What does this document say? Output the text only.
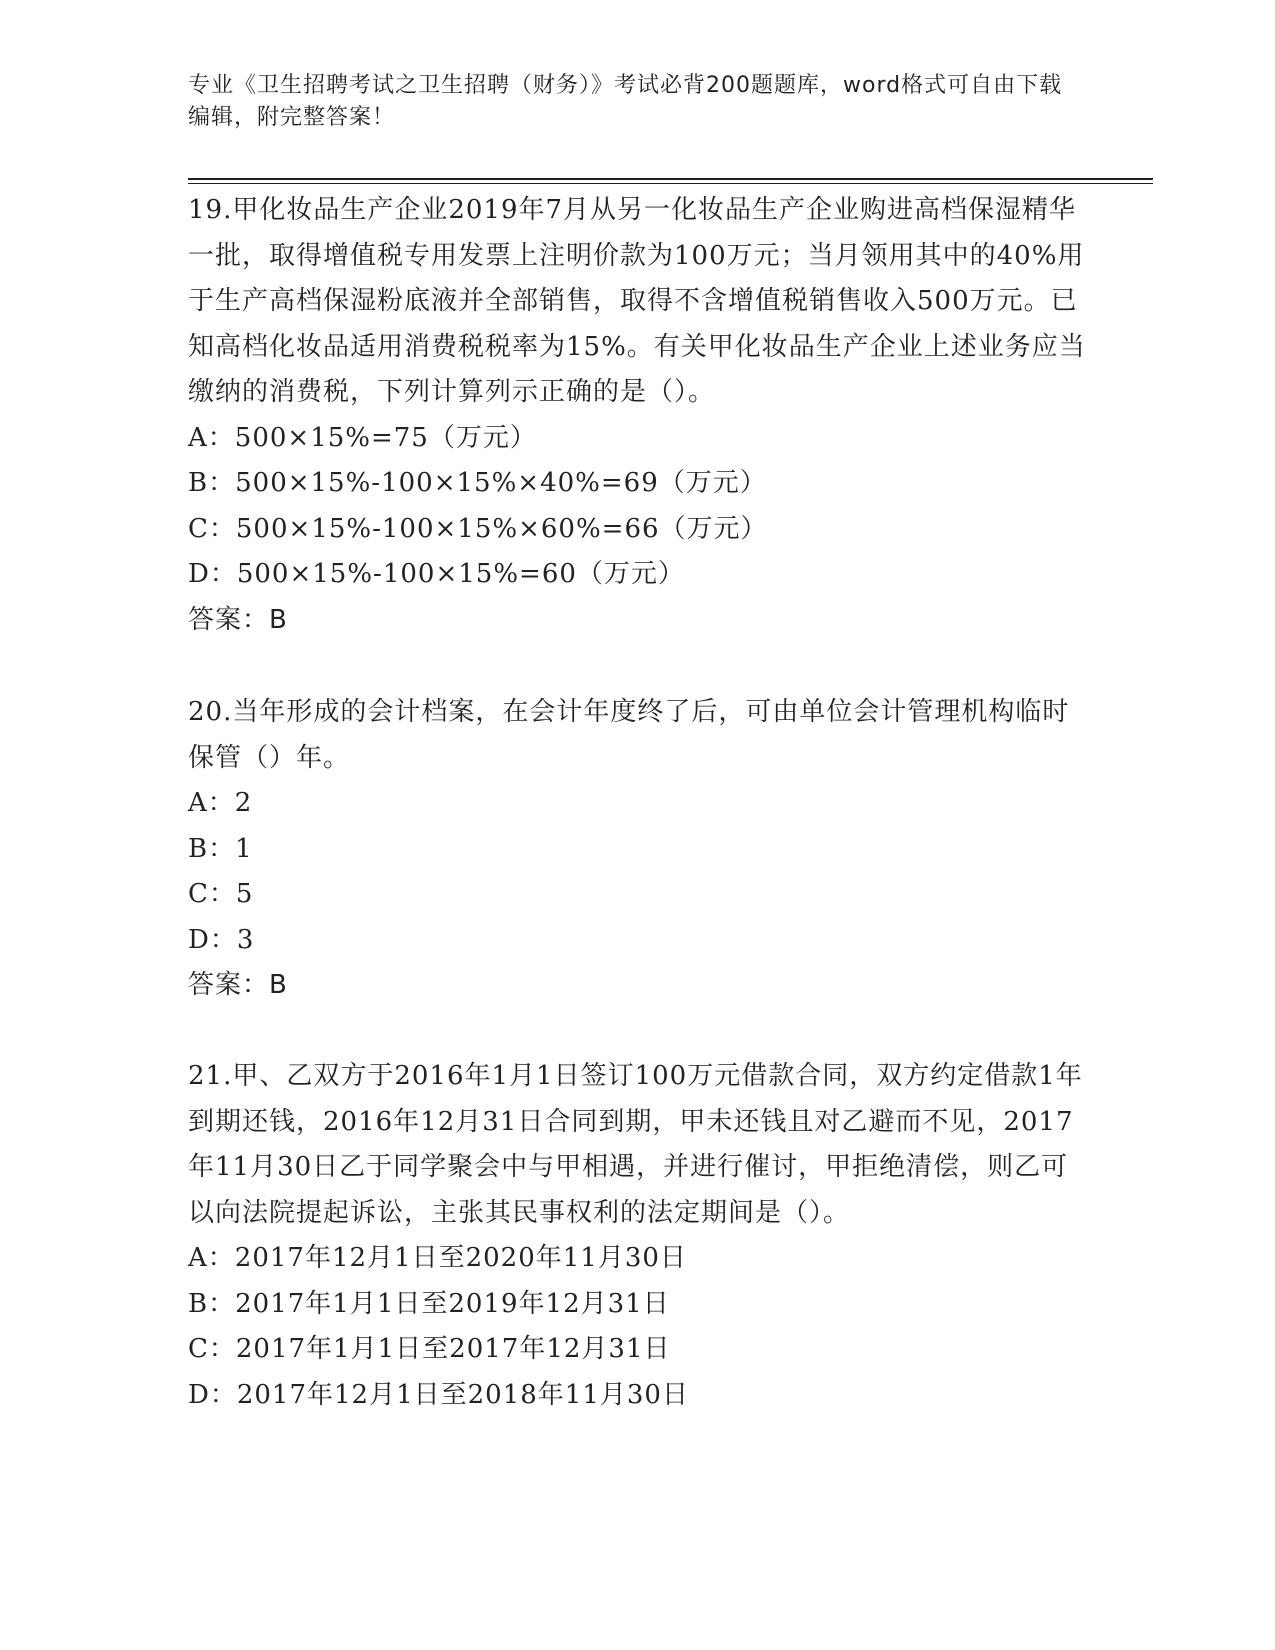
专业《卫生招聘考试之卫生招聘（财务）》考试必背200题题库，word格式可自由下载编辑，附完整答案！

19.甲化妆品生产企业2019年7月从另一化妆品生产企业购进高档保湿精华一批，取得增值税专用发票上注明价款为100万元；当月领用其中的40%用于生产高档保湿粉底液并全部销售，取得不含增值税销售收入500万元。已知高档化妆品适用消费税税率为15%。有关甲化妆品生产企业上述业务应当缴纳的消费税，下列计算列示正确的是（）。

A：500×15%=75（万元）

B：500×15%-100×15%×40%=69（万元）

C：500×15%-100×15%×60%=66（万元）

D：500×15%-100×15%=60（万元）

答案：B

20.当年形成的会计档案，在会计年度终了后，可由单位会计管理机构临时保管（）年。

A：2

B：1

C：5

D：3

答案：B

21.甲、乙双方于2016年1月1日签订100万元借款合同，双方约定借款1年到期还钱，2016年12月31日合同到期，甲未还钱且对乙避而不见，2017年11月30日乙于同学聚会中与甲相遇，并进行催讨，甲拒绝清偿，则乙可以向法院提起诉讼，主张其民事权利的法定期间是（）。

A：2017年12月1日至2020年11月30日

B：2017年1月1日至2019年12月31日

C：2017年1月1日至2017年12月31日

D：2017年12月1日至2018年11月30日
